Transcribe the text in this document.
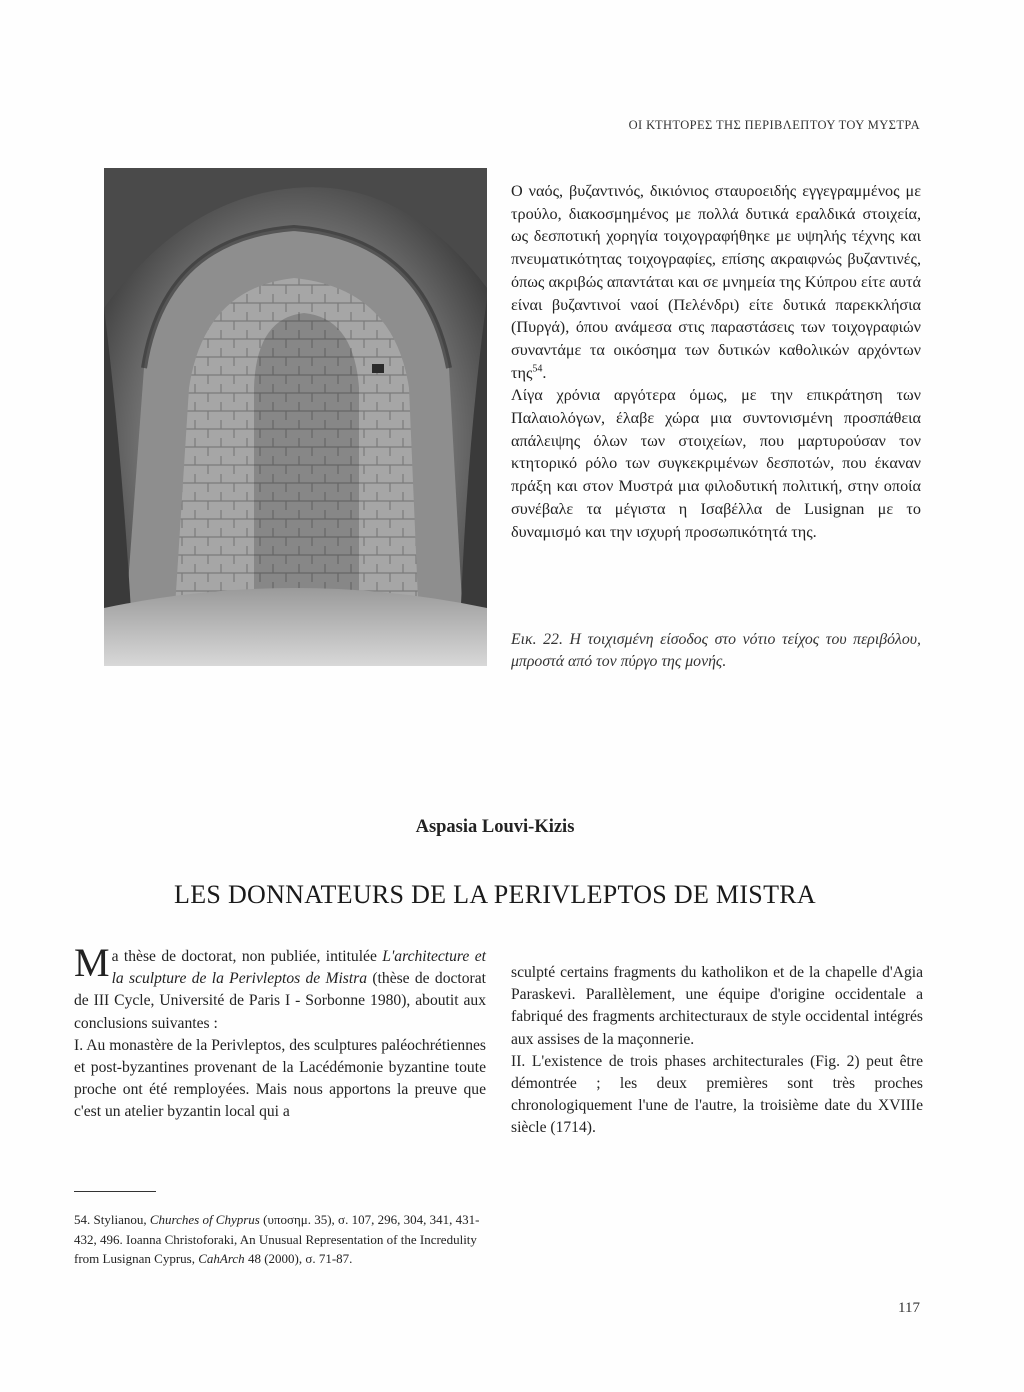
ΟΙ ΚΤΗΤΟΡΕΣ ΤΗΣ ΠΕΡΙΒΛΕΠΤΟΥ ΤΟΥ ΜΥΣΤΡΑ

Ο ναός, βυζαντινός, δικιόνιος σταυροειδής εγγεγραμμένος με τρούλο, διακοσμημένος με πολλά δυτικά εραλδικά στοιχεία, ως δεσποτική χορηγία τοιχογραφήθηκε με υψηλής τέχνης και πνευματικότητας τοιχογραφίες, επίσης ακραιφνώς βυζαντινές, όπως ακριβώς απαντάται και σε μνημεία της Κύπρου είτε αυτά είναι βυζαντινοί ναοί (Πελένδρι) είτε δυτικά παρεκκλήσια (Πυργά), όπου ανάμεσα στις παραστάσεις των τοιχογραφιών συναντάμε τα οικόσημα των δυτικών καθολικών αρχόντων της$^{54}$.

Λίγα χρόνια αργότερα όμως, με την επικράτηση των Παλαιολόγων, έλαβε χώρα μια συντονισμένη προσπάθεια απάλειψης όλων των στοιχείων, που μαρτυρούσαν τον κτητορικό ρόλο των συγκεκριμένων δεσποτών, που έκαναν πράξη και στον Μυστρά μια φιλοδυτική πολιτική, στην οποία συνέβαλε τα μέγιστα η Ισαβέλλα de Lusignan με το δυναμισμό και την ισχυρή προσωπικότητά της.

Εικ. 22. Η τοιχισμένη είσοδος στο νότιο τείχος του περιβόλου, μπροστά από τον πύργο της μονής.
Aspasia Louvi-Kizis
LES DONNATEURS DE LA PERIVLEPTOS DE MISTRA

Ma thèse de doctorat, non publiée, intitulée L'architecture et la sculpture de la Perivleptos de Mistra (thèse de doctorat de III Cycle, Université de Paris I - Sorbonne 1980), aboutit aux conclusions suivantes :

I. Au monastère de la Perivleptos, des sculptures paléochrétiennes et post-byzantines provenant de la Lacédémonie byzantine toute proche ont été remployées. Mais nous apportons la preuve que c'est un atelier byzantin local qui a

sculpté certains fragments du katholikon et de la chapelle d'Agia Paraskevi. Parallèlement, une équipe d'origine occidentale a fabriqué des fragments architecturaux de style occidental intégrés aux assises de la maçonnerie.

II. L'existence de trois phases architecturales (Fig. 2) peut être démontrée ; les deux premières sont très proches chronologiquement l'une de l'autre, la troisième date du XVIIIe siècle (1714).

54. Stylianou, Churches of Chyprus (υποσημ. 35), σ. 107, 296, 304, 341, 431-432, 496. Ioanna Christoforaki, An Unusual Representation of the Incredulity from Lusignan Cyprus, CahArch 48 (2000), σ. 71-87.
117
